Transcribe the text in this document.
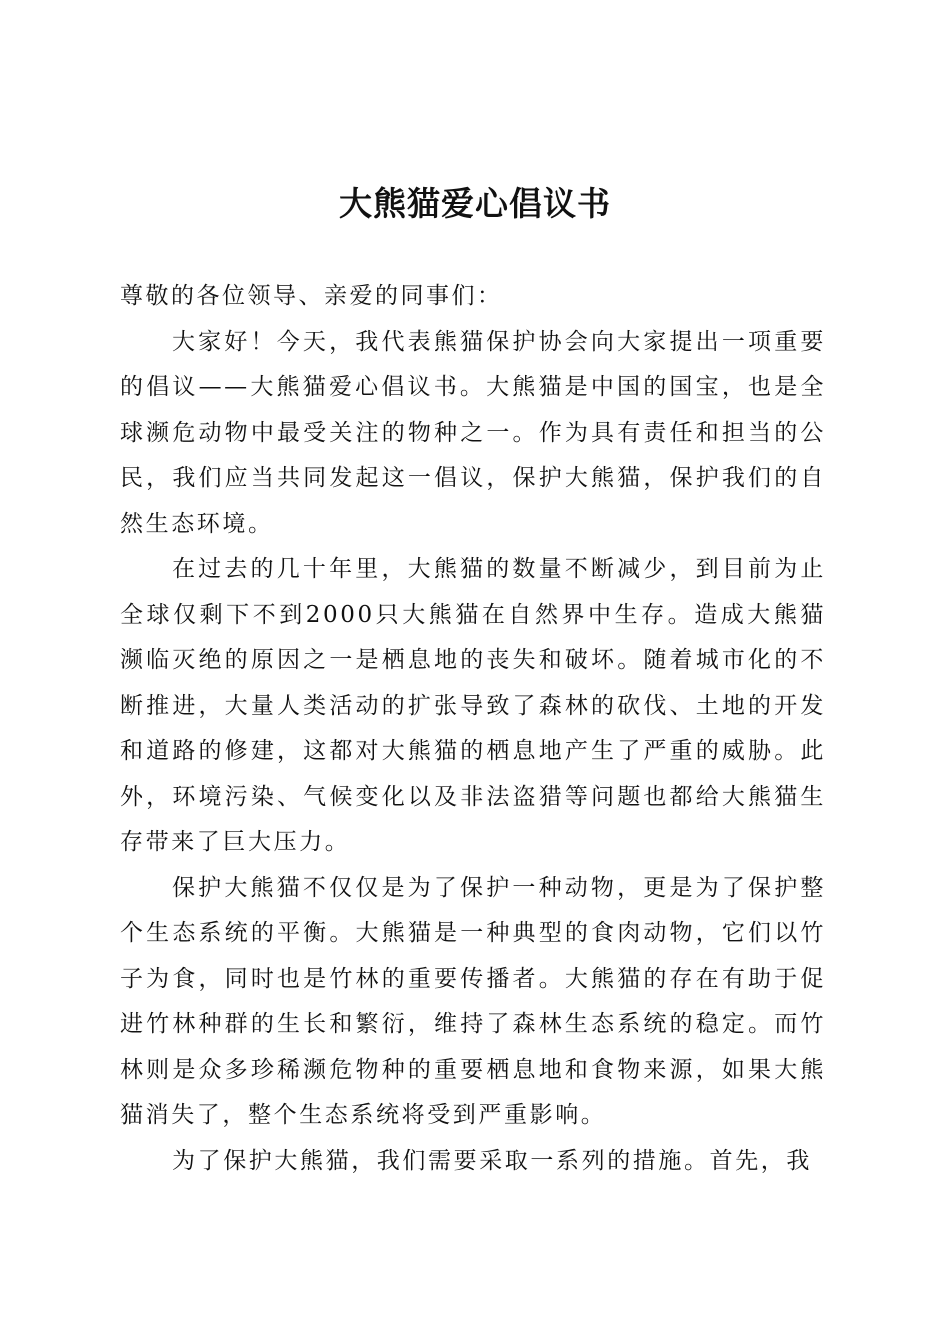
大熊猫爱心倡议书

尊敬的各位领导、亲爱的同事们：

大家好！今天，我代表熊猫保护协会向大家提出一项重要的倡议——大熊猫爱心倡议书。大熊猫是中国的国宝，也是全球濒危动物中最受关注的物种之一。作为具有责任和担当的公民，我们应当共同发起这一倡议，保护大熊猫，保护我们的自然生态环境。

在过去的几十年里，大熊猫的数量不断减少，到目前为止全球仅剩下不到2000只大熊猫在自然界中生存。造成大熊猫濒临灭绝的原因之一是栖息地的丧失和破坏。随着城市化的不断推进，大量人类活动的扩张导致了森林的砍伐、土地的开发和道路的修建，这都对大熊猫的栖息地产生了严重的威胁。此外，环境污染、气候变化以及非法盗猎等问题也都给大熊猫生存带来了巨大压力。

保护大熊猫不仅仅是为了保护一种动物，更是为了保护整个生态系统的平衡。大熊猫是一种典型的食肉动物，它们以竹子为食，同时也是竹林的重要传播者。大熊猫的存在有助于促进竹林种群的生长和繁衍，维持了森林生态系统的稳定。而竹林则是众多珍稀濒危物种的重要栖息地和食物来源，如果大熊猫消失了，整个生态系统将受到严重影响。

为了保护大熊猫，我们需要采取一系列的措施。首先，我
